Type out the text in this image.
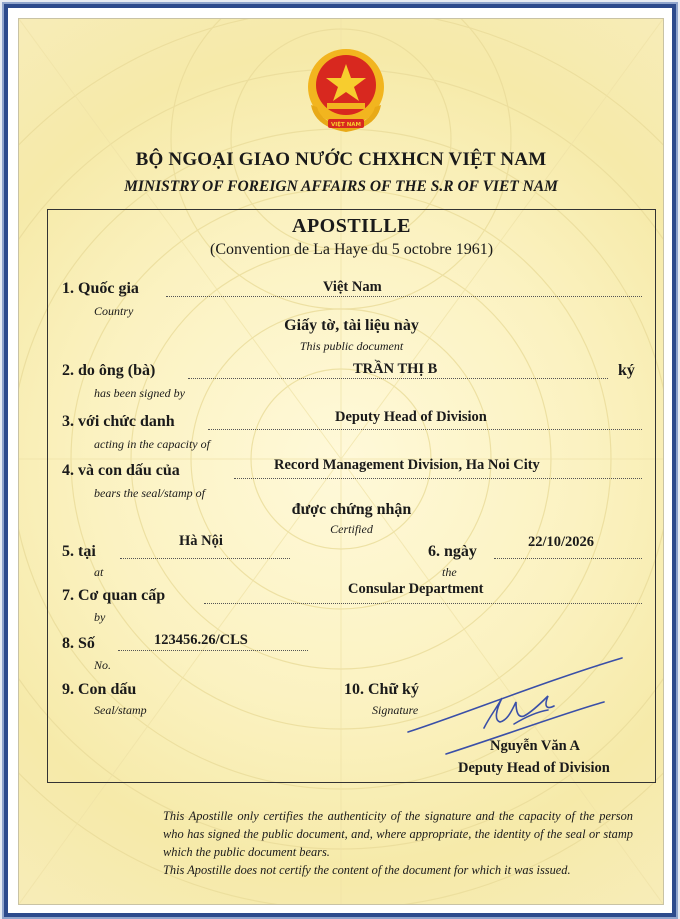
VIỆT NAM
BỘ NGOẠI GIAO NƯỚC CHXHCN VIỆT NAM
MINISTRY OF FOREIGN AFFAIRS OF THE S.R OF VIET NAM
APOSTILLE
(Convention de La Haye du 5 octobre 1961)
1. Quốc gia
Country
Việt Nam
Giấy tờ, tài liệu này
This public document
2. do ông (bà)
has been signed by
TRẦN THỊ B	ký
3. với chức danh
acting in the capacity of
Deputy Head of Division
4. và con dấu của
bears the seal/stamp of
Record Management Division, Ha Noi City
được chứng nhận
Certified
5. tại
at
Hà Nội
6. ngày
the
22/10/2026
7. Cơ quan cấp
by
Consular Department
8. Số
No.
123456.26/CLS
9. Con dấu
Seal/stamp
10. Chữ ký
Signature
Nguyễn Văn A
Deputy Head of Division

This Apostille only certifies the authenticity of the signature and the capacity of the person who has signed the public document, and, where appropriate, the identity of the seal or stamp which the public document bears.

This Apostille does not certify the content of the document for which it was issued.
